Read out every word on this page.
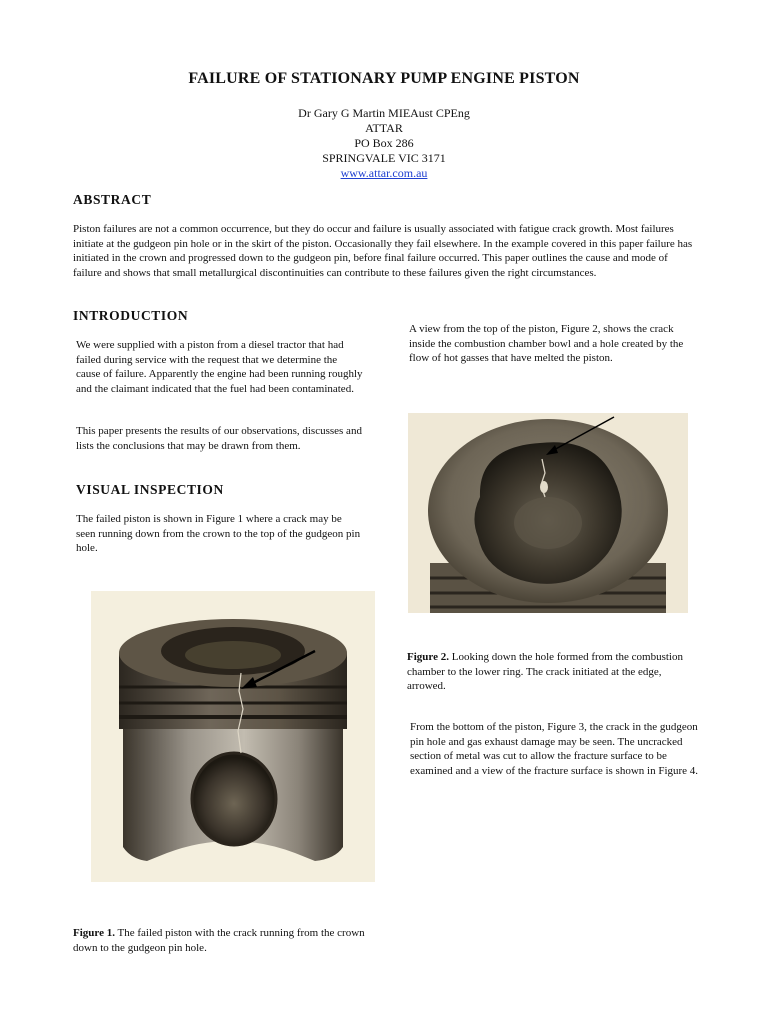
FAILURE OF STATIONARY PUMP ENGINE PISTON
Dr Gary G Martin MIEAust CPEng
ATTAR
PO Box 286
SPRINGVALE VIC 3171
www.attar.com.au
ABSTRACT
Piston failures are not a common occurrence, but they do occur and failure is usually associated with fatigue crack growth. Most failures initiate at the gudgeon pin hole or in the skirt of the piston. Occasionally they fail elsewhere. In the example covered in this paper failure has initiated in the crown and progressed down to the gudgeon pin, before final failure occurred. This paper outlines the cause and mode of failure and shows that small metallurgical discontinuities can contribute to these failures given the right circumstances.
INTRODUCTION
We were supplied with a piston from a diesel tractor that had failed during service with the request that we determine the cause of failure. Apparently the engine had been running roughly and the claimant indicated that the fuel had been contaminated.
This paper presents the results of our observations, discusses and lists the conclusions that may be drawn from them.
VISUAL INSPECTION
The failed piston is shown in Figure 1 where a crack may be seen running down from the crown to the top of the gudgeon pin hole.
Figure 1. The failed piston with the crack running from the crown down to the gudgeon pin hole.
A view from the top of the piston, Figure 2, shows the crack inside the combustion chamber bowl and a hole created by the flow of hot gasses that have melted the piston.
Figure 2. Looking down the hole formed from the combustion chamber to the lower ring. The crack initiated at the edge, arrowed.
From the bottom of the piston, Figure 3, the crack in the gudgeon pin hole and gas exhaust damage may be seen. The uncracked section of metal was cut to allow the fracture surface to be examined and a view of the fracture surface is shown in Figure 4.
